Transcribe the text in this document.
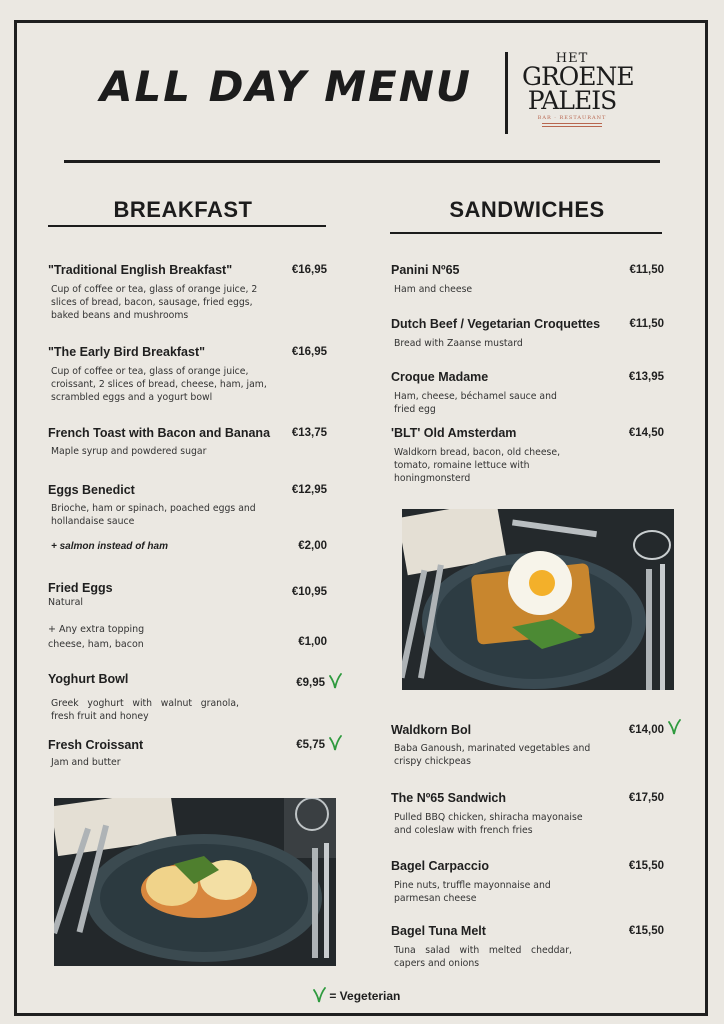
ALL DAY MENU
HET
GROENE
PALEIS
BAR · RESTAURANT
BREAKFAST
"Traditional English Breakfast"	€16,95
Cup of coffee or tea, glass of orange juice, 2 slices of bread, bacon, sausage, fried eggs, baked beans and mushrooms
"The Early Bird Breakfast"	€16,95
Cup of coffee or tea, glass of orange juice, croissant, 2 slices of bread, cheese, ham, jam, scrambled eggs and a yogurt bowl
French Toast with Bacon and Banana	€13,75
Maple syrup and powdered sugar
Eggs Benedict	€12,95
Brioche, ham or spinach, poached eggs and hollandaise sauce
+ salmon instead of ham	€2,00
Fried Eggs	€10,95
Natural
+ Any extra topping
cheese, ham, bacon	€1,00
Yoghurt Bowl	€9,95
Greek yoghurt with walnut granola, fresh fruit and honey
Fresh Croissant	€5,75
Jam and butter
SANDWICHES
Panini Nº65	€11,50
Ham and cheese
Dutch Beef / Vegetarian Croquettes	€11,50
Bread with Zaanse mustard
Croque Madame	€13,95
Ham, cheese, béchamel sauce and fried egg
'BLT' Old Amsterdam	€14,50
Waldkorn bread, bacon, old cheese, tomato, romaine lettuce with honingmonsterd
Waldkorn Bol	€14,00
Baba Ganoush, marinated vegetables and crispy chickpeas
The Nº65 Sandwich	€17,50
Pulled BBQ chicken, shiracha mayonaise and coleslaw with french fries
Bagel Carpaccio	€15,50
Pine nuts, truffle mayonnaise and parmesan cheese
Bagel Tuna Melt	€15,50
Tuna salad with melted cheddar, capers and onions
= Vegeterian
